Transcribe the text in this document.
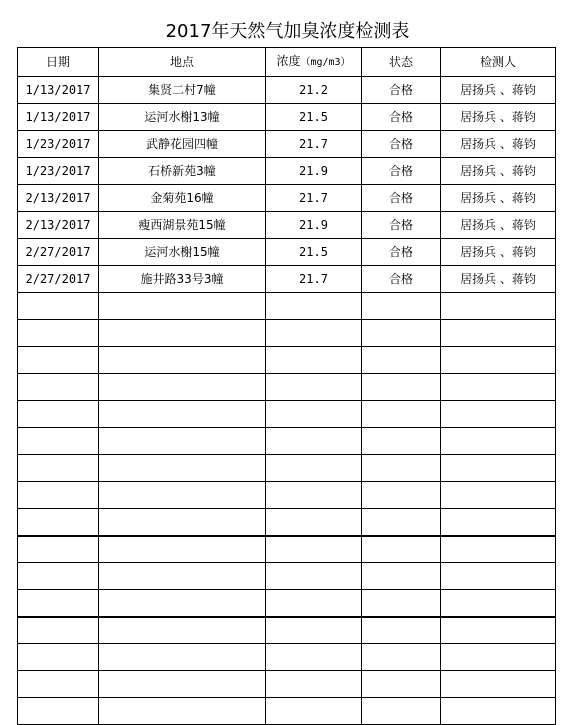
2017年天然气加臭浓度检测表
日期	地点	浓度（mg/m3）	状态	检测人
1/13/2017	集贤二村7幢	21.2	合格	居扬兵 、蒋钧
1/13/2017	运河水榭13幢	21.5	合格	居扬兵 、蒋钧
1/23/2017	武静花园四幢	21.7	合格	居扬兵 、蒋钧
1/23/2017	石桥新苑3幢	21.9	合格	居扬兵 、蒋钧
2/13/2017	金菊苑16幢	21.7	合格	居扬兵 、蒋钧
2/13/2017	瘦西湖景苑15幢	21.9	合格	居扬兵 、蒋钧
2/27/2017	运河水榭15幢	21.5	合格	居扬兵 、蒋钧
2/27/2017	施井路33号3幢	21.7	合格	居扬兵 、蒋钧
